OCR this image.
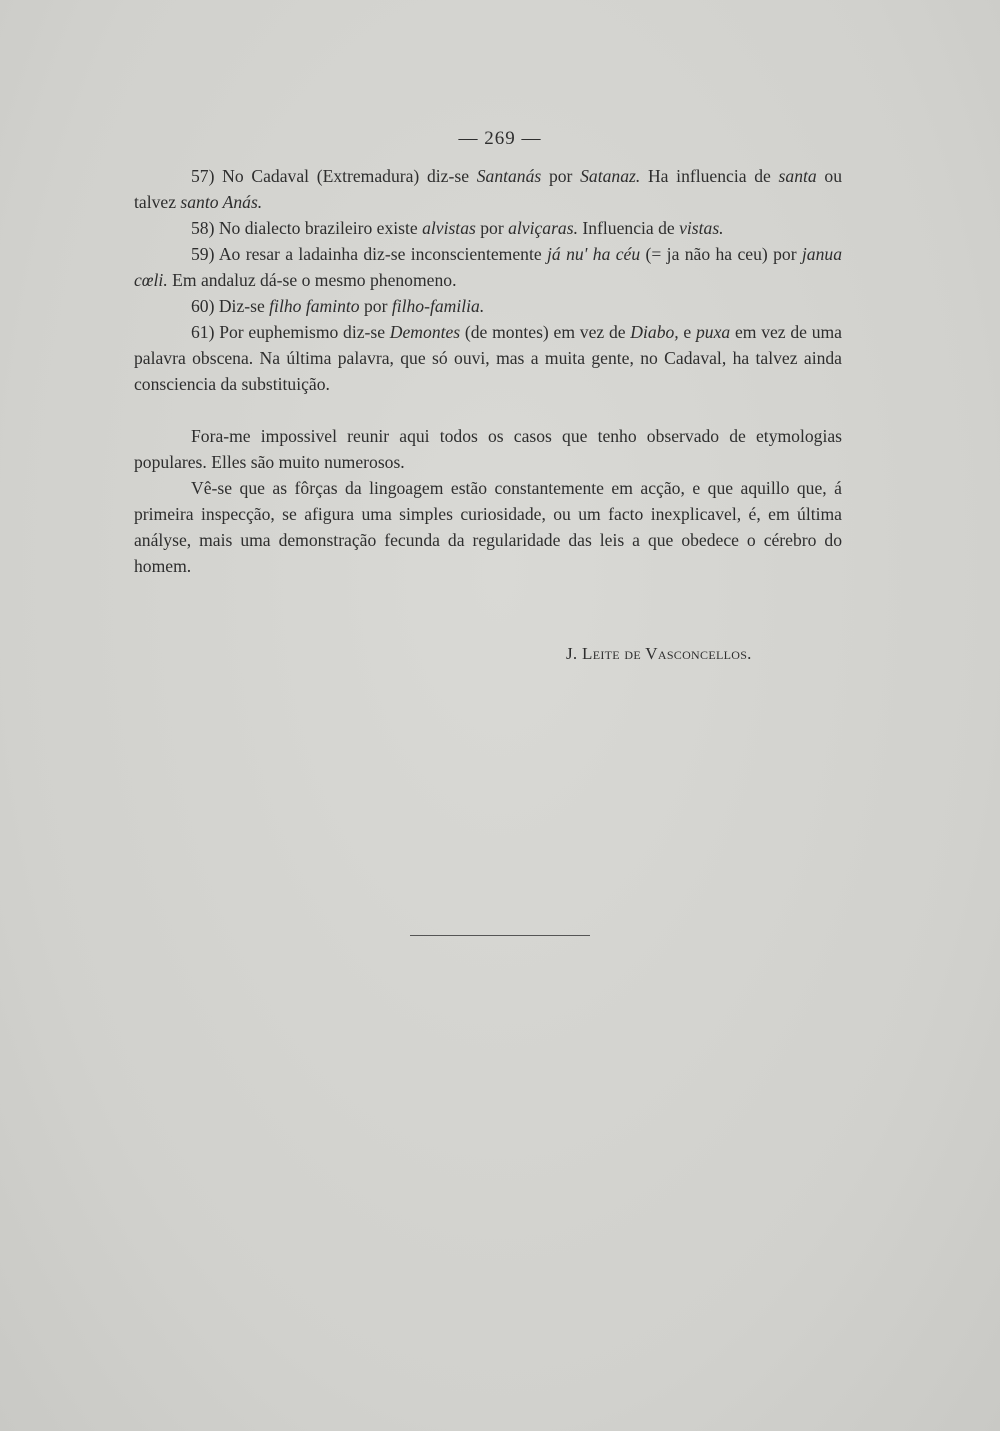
— 269 —

57) No Cadaval (Extremadura) diz-se Santanás por Satanaz. Ha influencia de santa ou talvez santo Anás.

58) No dialecto brazileiro existe alvistas por alviçaras. Influencia de vistas.

59) Ao resar a ladainha diz-se inconscientemente já nu' ha céu (= ja não ha ceu) por janua cœli. Em andaluz dá-se o mesmo phenomeno.

60) Diz-se filho faminto por filho-familia.

61) Por euphemismo diz-se Demontes (de montes) em vez de Diabo, e puxa em vez de uma palavra obscena. Na última palavra, que só ouvi, mas a muita gente, no Cadaval, ha talvez ainda consciencia da substituição.

Fora-me impossivel reunir aqui todos os casos que tenho observado de etymologias populares. Elles são muito numerosos.

Vê-se que as fôrças da lingoagem estão constantemente em acção, e que aquillo que, á primeira inspecção, se afigura uma simples curiosidade, ou um facto inexplicavel, é, em última anályse, mais uma demonstração fecunda da regularidade das leis a que obedece o cérebro do homem.

J. Leite de Vasconcellos.
